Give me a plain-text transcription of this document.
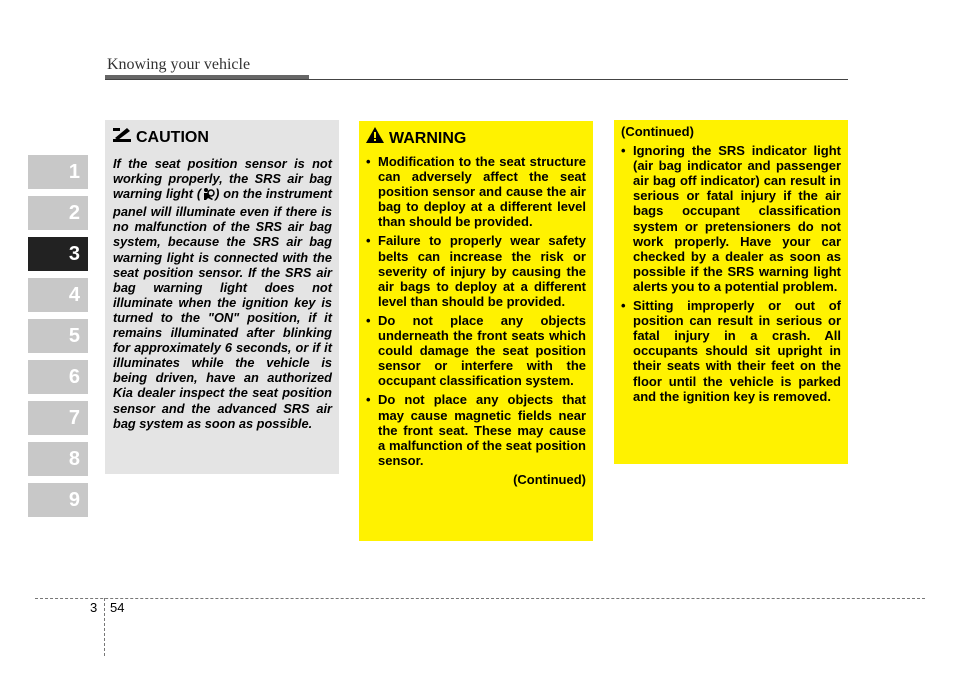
Knowing your vehicle
1
2
3
4
5
6
7
8
9
CAUTION
If the seat position sensor is not working properly, the SRS air bag warning light ( ) on the instrument panel will illuminate even if there is no malfunction of the SRS air bag system, because the SRS air bag warning light is connected with the seat position sensor. If the SRS air bag warning light does not illuminate when the ignition key is turned to the "ON" position, if it remains illuminated after blinking for approximately 6 seconds, or if it illuminates while the vehicle is being driven, have an authorized Kia dealer inspect the seat position sensor and the advanced SRS air bag system as soon as possible.
WARNING
• Modification to the seat structure can adversely affect the seat position sensor and cause the air bag to deploy at a different level than should be provided.
• Failure to properly wear safety belts can increase the risk or severity of injury by causing the air bags to deploy at a different level than should be provided.
• Do not place any objects underneath the front seats which could damage the seat position sensor or interfere with the occupant classification system.
• Do not place any objects that may cause magnetic fields near the front seat. These may cause a malfunction of the seat position sensor.
(Continued)
(Continued)
• Ignoring the SRS indicator light (air bag indicator and passenger air bag off indicator) can result in serious or fatal injury if the air bags occupant classification system or pretensioners do not work properly. Have your car checked by a dealer as soon as possible if the SRS warning light alerts you to a potential problem.
• Sitting improperly or out of position can result in serious or fatal injury in a crash. All occupants should sit upright in their seats with their feet on the floor until the vehicle is parked and the ignition key is removed.
3 54
